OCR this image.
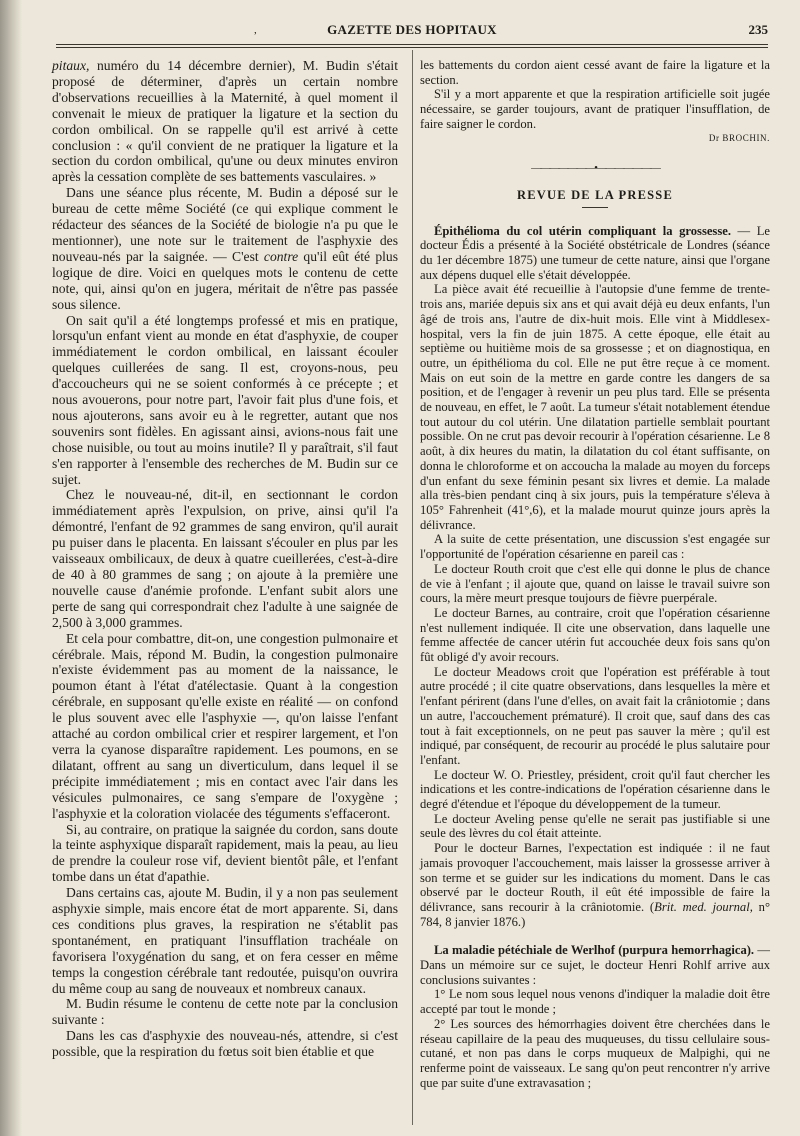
,	GAZETTE DES HOPITAUX	235

pitaux, numéro du 14 décembre dernier), M. Budin s'était proposé de déterminer, d'après un certain nombre d'observations recueillies à la Maternité, à quel moment il convenait le mieux de pratiquer la ligature et la section du cordon ombilical. On se rappelle qu'il est arrivé à cette conclusion : « qu'il convient de ne pratiquer la ligature et la section du cordon ombilical, qu'une ou deux minutes environ après la cessation complète de ses battements vasculaires. »

Dans une séance plus récente, M. Budin a déposé sur le bureau de cette même Société (ce qui explique comment le rédacteur des séances de la Société de biologie n'a pu que le mentionner), une note sur le traitement de l'asphyxie des nouveau-nés par la saignée. — C'est contre qu'il eût été plus logique de dire. Voici en quelques mots le contenu de cette note, qui, ainsi qu'on en jugera, méritait de n'être pas passée sous silence.

On sait qu'il a été longtemps professé et mis en pratique, lorsqu'un enfant vient au monde en état d'asphyxie, de couper immédiatement le cordon ombilical, en laissant écouler quelques cuillerées de sang. Il est, croyons-nous, peu d'accoucheurs qui ne se soient conformés à ce précepte ; et nous avouerons, pour notre part, l'avoir fait plus d'une fois, et nous ajouterons, sans avoir eu à le regretter, autant que nos souvenirs sont fidèles. En agissant ainsi, avions-nous fait une chose nuisible, ou tout au moins inutile? Il y paraîtrait, s'il faut s'en rapporter à l'ensemble des recherches de M. Budin sur ce sujet.

Chez le nouveau-né, dit-il, en sectionnant le cordon immédiatement après l'expulsion, on prive, ainsi qu'il l'a démontré, l'enfant de 92 grammes de sang environ, qu'il aurait pu puiser dans le placenta. En laissant s'écouler en plus par les vaisseaux ombilicaux, de deux à quatre cueillerées, c'est-à-dire de 40 à 80 grammes de sang ; on ajoute à la première une nouvelle cause d'anémie profonde. L'enfant subit alors une perte de sang qui correspondrait chez l'adulte à une saignée de 2,500 à 3,000 grammes.

Et cela pour combattre, dit-on, une congestion pulmonaire et cérébrale. Mais, répond M. Budin, la congestion pulmonaire n'existe évidemment pas au moment de la naissance, le poumon étant à l'état d'atélectasie. Quant à la congestion cérébrale, en supposant qu'elle existe en réalité — on confond le plus souvent avec elle l'asphyxie —, qu'on laisse l'enfant attaché au cordon ombilical crier et respirer largement, et l'on verra la cyanose disparaître rapidement. Les poumons, en se dilatant, offrent au sang un diverticulum, dans lequel il se précipite immédiatement ; mis en contact avec l'air dans les vésicules pulmonaires, ce sang s'empare de l'oxygène ; l'asphyxie et la coloration violacée des téguments s'effaceront.

Si, au contraire, on pratique la saignée du cordon, sans doute la teinte asphyxique disparaît rapidement, mais la peau, au lieu de prendre la couleur rose vif, devient bientôt pâle, et l'enfant tombe dans un état d'apathie.

Dans certains cas, ajoute M. Budin, il y a non pas seulement asphyxie simple, mais encore état de mort apparente. Si, dans ces conditions plus graves, la respiration ne s'établit pas spontanément, en pratiquant l'insufflation trachéale on favorisera l'oxygénation du sang, et on fera cesser en même temps la congestion cérébrale tant redoutée, puisqu'on ouvrira du même coup au sang de nouveaux et nombreux canaux.

M. Budin résume le contenu de cette note par la conclusion suivante :

Dans les cas d'asphyxie des nouveau-nés, attendre, si c'est possible, que la respiration du fœtus soit bien établie et que

les battements du cordon aient cessé avant de faire la ligature et la section.

S'il y a mort apparente et que la respiration artificielle soit jugée nécessaire, se garder toujours, avant de pratiquer l'insufflation, de faire saigner le cordon.

Dr BROCHIN.
———————•———————
REVUE DE LA PRESSE

Épithélioma du col utérin compliquant la grossesse. — Le docteur Édis a présenté à la Société obstétricale de Londres (séance du 1er décembre 1875) une tumeur de cette nature, ainsi que l'organe aux dépens duquel elle s'était développée.

La pièce avait été recueillie à l'autopsie d'une femme de trente-trois ans, mariée depuis six ans et qui avait déjà eu deux enfants, l'un âgé de trois ans, l'autre de dix-huit mois. Elle vint à Middlesex-hospital, vers la fin de juin 1875. A cette époque, elle était au septième ou huitième mois de sa grossesse ; et on diagnostiqua, en outre, un épithélioma du col. Elle ne put être reçue à ce moment. Mais on eut soin de la mettre en garde contre les dangers de sa position, et de l'engager à revenir un peu plus tard. Elle se présenta de nouveau, en effet, le 7 août. La tumeur s'était notablement étendue tout autour du col utérin. Une dilatation partielle semblait pourtant possible. On ne crut pas devoir recourir à l'opération césarienne. Le 8 août, à dix heures du matin, la dilatation du col étant suffisante, on donna le chloroforme et on accoucha la malade au moyen du forceps d'un enfant du sexe féminin pesant six livres et demie. La malade alla très-bien pendant cinq à six jours, puis la température s'éleva à 105° Fahrenheit (41°,6), et la malade mourut quinze jours après la délivrance.

A la suite de cette présentation, une discussion s'est engagée sur l'opportunité de l'opération césarienne en pareil cas :

Le docteur Routh croit que c'est elle qui donne le plus de chance de vie à l'enfant ; il ajoute que, quand on laisse le travail suivre son cours, la mère meurt presque toujours de fièvre puerpérale.

Le docteur Barnes, au contraire, croit que l'opération césarienne n'est nullement indiquée. Il cite une observation, dans laquelle une femme affectée de cancer utérin fut accouchée deux fois sans qu'on fût obligé d'y avoir recours.

Le docteur Meadows croit que l'opération est préférable à tout autre procédé ; il cite quatre observations, dans lesquelles la mère et l'enfant périrent (dans l'une d'elles, on avait fait la crâniotomie ; dans un autre, l'accouchement prématuré). Il croit que, sauf dans des cas tout à fait exceptionnels, on ne peut pas sauver la mère ; qu'il est indiqué, par conséquent, de recourir au procédé le plus salutaire pour l'enfant.

Le docteur W. O. Priestley, président, croit qu'il faut chercher les indications et les contre-indications de l'opération césarienne dans le degré d'étendue et l'époque du développement de la tumeur.

Le docteur Aveling pense qu'elle ne serait pas justifiable si une seule des lèvres du col était atteinte.

Pour le docteur Barnes, l'expectation est indiquée : il ne faut jamais provoquer l'accouchement, mais laisser la grossesse arriver à son terme et se guider sur les indications du moment. Dans le cas observé par le docteur Routh, il eût été impossible de faire la délivrance, sans recourir à la crâniotomie. (Brit. med. journal, n° 784, 8 janvier 1876.)

La maladie pétéchiale de Werlhof (purpura hemorrhagica). — Dans un mémoire sur ce sujet, le docteur Henri Rohlf arrive aux conclusions suivantes :

1° Le nom sous lequel nous venons d'indiquer la maladie doit être accepté par tout le monde ;

2° Les sources des hémorrhagies doivent être cherchées dans le réseau capillaire de la peau des muqueuses, du tissu cellulaire sous-cutané, et non pas dans le corps muqueux de Malpighi, qui ne renferme point de vaisseaux. Le sang qu'on peut rencontrer n'y arrive que par suite d'une extravasation ;
